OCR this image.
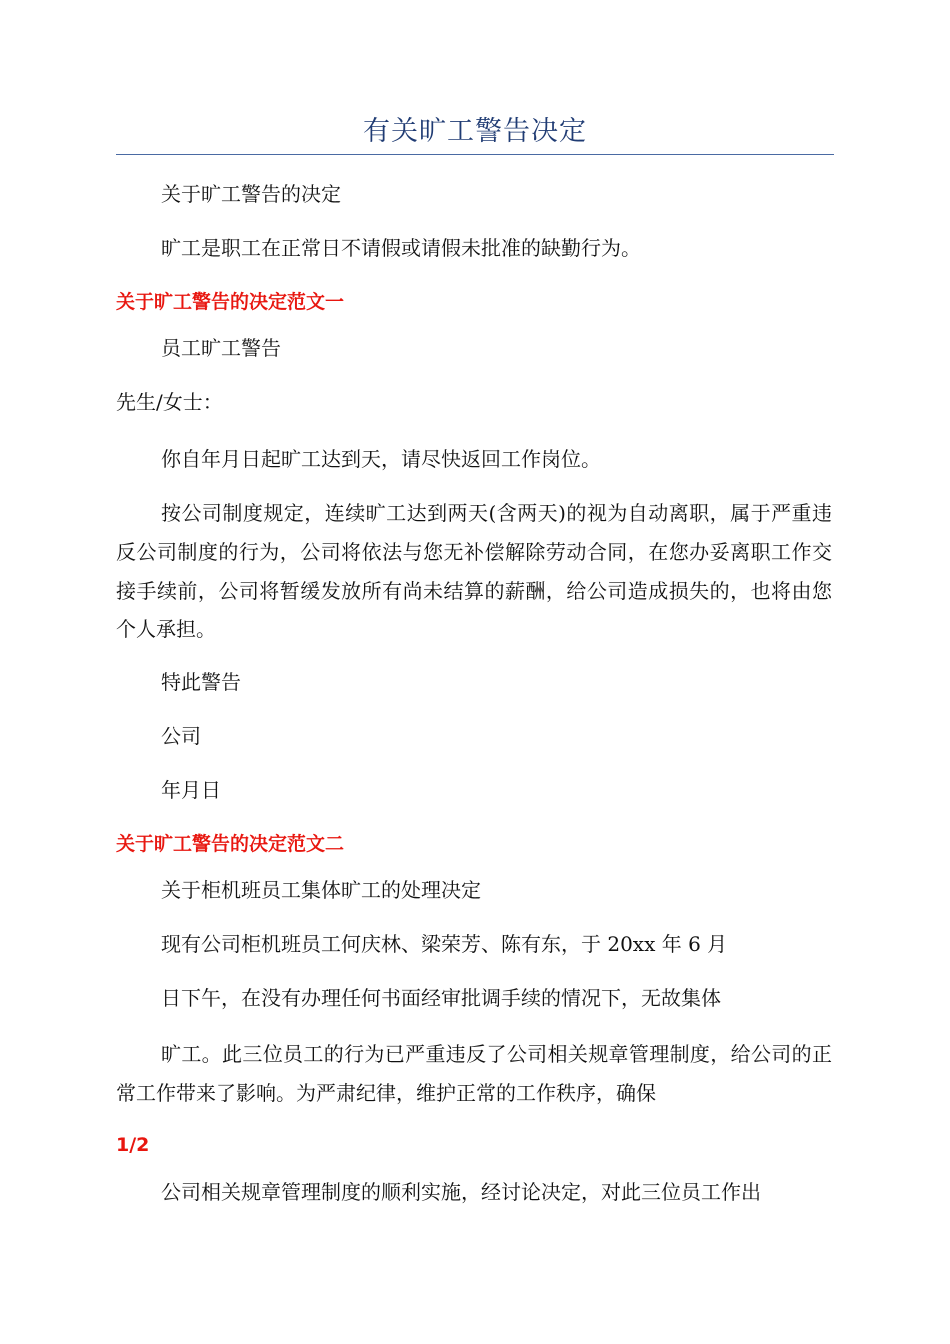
有关旷工警告决定
关于旷工警告的决定
旷工是职工在正常日不请假或请假未批准的缺勤行为。
关于旷工警告的决定范文一
员工旷工警告
先生/女士：
你自年月日起旷工达到天，请尽快返回工作岗位。
按公司制度规定，连续旷工达到两天(含两天)的视为自动离职，属于严重违反公司制度的行为，公司将依法与您无补偿解除劳动合同，在您办妥离职工作交接手续前，公司将暂缓发放所有尚未结算的薪酬，给公司造成损失的，也将由您个人承担。
特此警告
公司
年月日
关于旷工警告的决定范文二
关于柜机班员工集体旷工的处理决定
现有公司柜机班员工何庆林、梁荣芳、陈有东，于 20xx 年 6 月
日下午，在没有办理任何书面经审批调手续的情况下，无故集体
旷工。此三位员工的行为已严重违反了公司相关规章管理制度，给公司的正常工作带来了影响。为严肃纪律，维护正常的工作秩序，确保
1/2
公司相关规章管理制度的顺利实施，经讨论决定，对此三位员工作出
